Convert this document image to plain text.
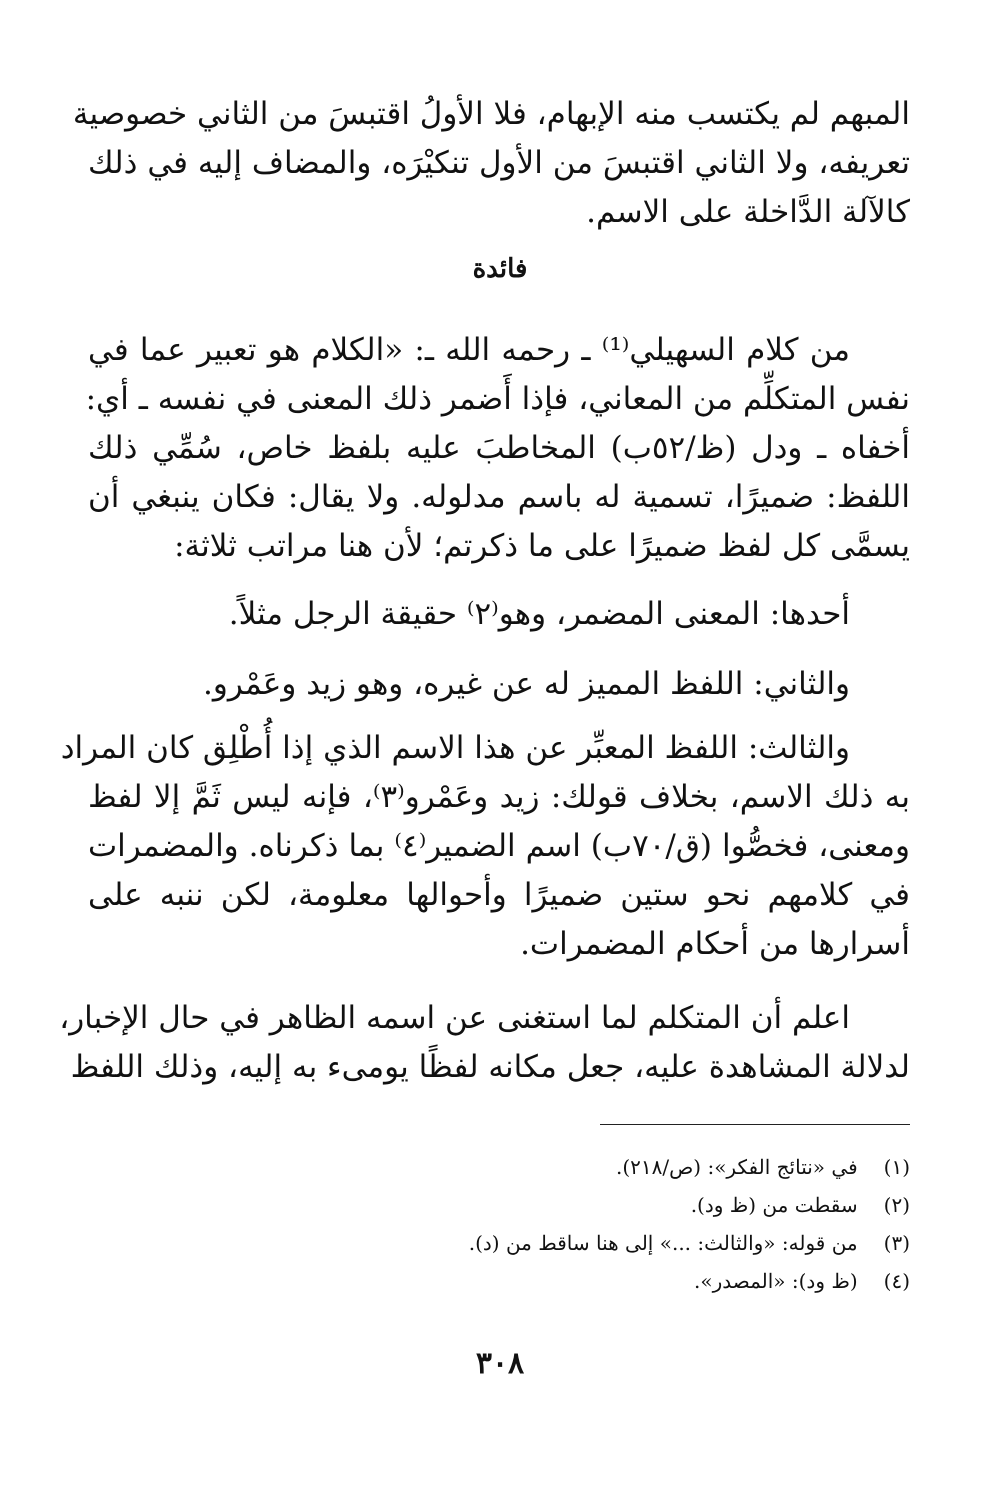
المبهم لم يكتسب منه الإبهام، فلا الأولُ اقتبسَ من الثاني خصوصية
تعريفه، ولا الثاني اقتبسَ من الأول تنكيْرَه، والمضاف إليه في ذلك
كالآلة الدَّاخلة على الاسم.
فائدة
من كلام السهيلي⁽¹⁾ ـ رحمه الله ـ: «الكلام هو تعبير عما في
نفس المتكلِّم من المعاني، فإذا أَضمر ذلك المعنى في نفسه ـ أي:
أخفاه ـ ودل (ظ/٥٢ب) المخاطبَ عليه بلفظ خاص، سُمِّي ذلك
اللفظ: ضميرًا، تسمية له باسم مدلوله. ولا يقال: فكان ينبغي أن
يسمَّى كل لفظ ضميرًا على ما ذكرتم؛ لأن هنا مراتب ثلاثة:
أحدها: المعنى المضمر، وهو⁽٢⁾ حقيقة الرجل مثلاً.
والثاني: اللفظ المميز له عن غيره، وهو زيد وعَمْرو.
والثالث: اللفظ المعبِّر عن هذا الاسم الذي إذا أُطْلِق كان المراد
به ذلك الاسم، بخلاف قولك: زيد وعَمْرو⁽٣⁾، فإنه ليس ثَمَّ إلا لفظ
ومعنى، فخصُّوا (ق/٧٠ب) اسم الضمير⁽٤⁾ بما ذكرناه. والمضمرات
في كلامهم نحو ستين ضميرًا وأحوالها معلومة، لكن ننبه على
أسرارها من أحكام المضمرات.
اعلم أن المتكلم لما استغنى عن اسمه الظاهر في حال الإخبار،
لدلالة المشاهدة عليه، جعل مكانه لفظًا يومىء به إليه، وذلك اللفظ
(١) في «نتائج الفكر»: (ص/٢١٨).
(٢) سقطت من (ظ ود).
(٣) من قوله: «والثالث: ...» إلى هنا ساقط من (د).
(٤) (ظ ود): «المصدر».
٣٠٨
